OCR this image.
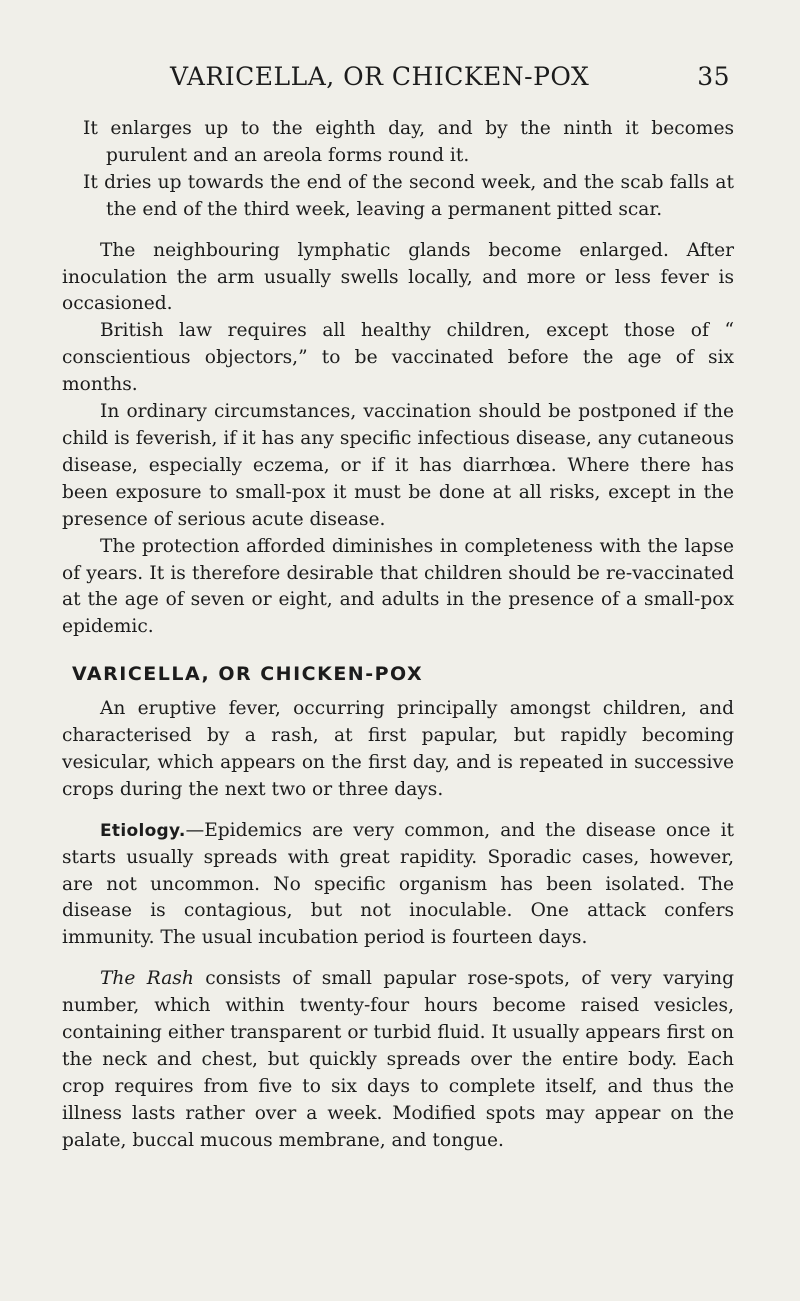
VARICELLA, OR CHICKEN-POX	35

It enlarges up to the eighth day, and by the ninth it becomes purulent and an areola forms round it.

It dries up towards the end of the second week, and the scab falls at the end of the third week, leaving a permanent pitted scar.

The neighbouring lymphatic glands become enlarged. After inoculation the arm usually swells locally, and more or less fever is occasioned.

British law requires all healthy children, except those of “ conscientious objectors,” to be vaccinated before the age of six months.

In ordinary circumstances, vaccination should be postponed if the child is feverish, if it has any specific infectious disease, any cutaneous disease, especially eczema, or if it has diarrhœa. Where there has been exposure to small-pox it must be done at all risks, except in the presence of serious acute disease.

The protection afforded diminishes in completeness with the lapse of years. It is therefore desirable that children should be re-vaccinated at the age of seven or eight, and adults in the presence of a small-pox epidemic.

VARICELLA, OR CHICKEN-POX

An eruptive fever, occurring principally amongst children, and characterised by a rash, at first papular, but rapidly becoming vesicular, which appears on the first day, and is repeated in successive crops during the next two or three days.

Etiology.—Epidemics are very common, and the disease once it starts usually spreads with great rapidity. Sporadic cases, however, are not uncommon. No specific organism has been isolated. The disease is contagious, but not inoculable. One attack confers immunity. The usual incubation period is fourteen days.

The Rash consists of small papular rose-spots, of very varying number, which within twenty-four hours become raised vesicles, containing either transparent or turbid fluid. It usually appears first on the neck and chest, but quickly spreads over the entire body. Each crop requires from five to six days to complete itself, and thus the illness lasts rather over a week. Modified spots may appear on the palate, buccal mucous membrane, and tongue.
